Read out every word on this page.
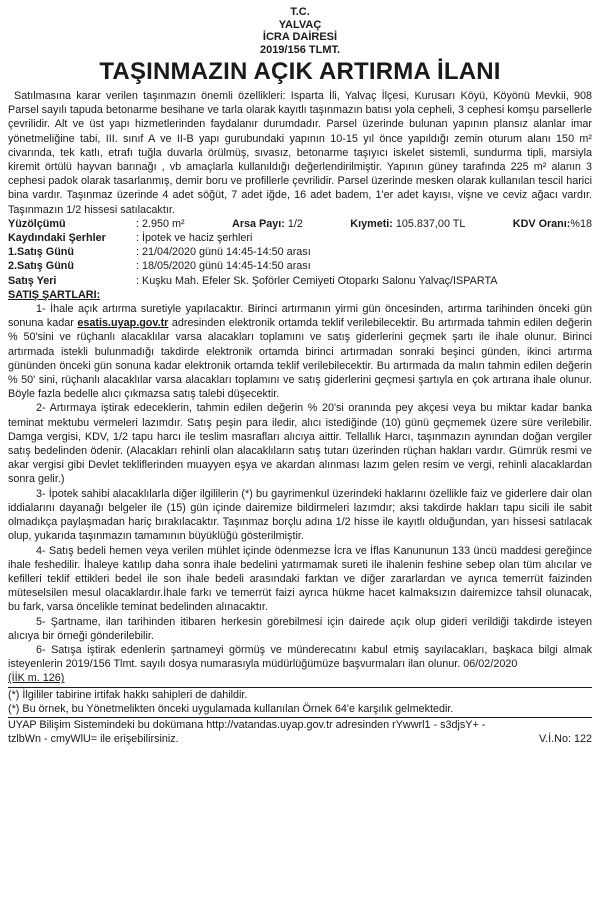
T.C.
YALVAÇ
İCRA DAİRESİ
2019/156 TLMT.
TAŞINMAZIN AÇIK ARTIRMA İLANI

Satılmasına karar verilen taşınmazın önemli özellikleri: Isparta İli, Yalvaç İlçesi, Kurusarı Köyü, Köyönü Mevkii, 908 Parsel sayılı tapuda betonarme besihane ve tarla olarak kayıtlı taşınmazın batısı yola cepheli, 3 cephesi komşu parsellerle çevrilidir. Alt ve üst yapı hizmetlerinden faydalanır durumdadır. Parsel üzerinde bulunan yapının plansız alanlar imar yönetmeliğine tabi, III. sınıf A ve II-B yapı gurubundaki yapının 10-15 yıl önce yapıldığı zemin oturum alanı 150 m² civarında, tek katlı, etrafı tuğla duvarla örülmüş, sıvasız, betonarme taşıyıcı iskelet sistemli, sundurma tipli, marsiyla kiremit örtülü hayvan barınağı , vb amaçlarla kullanıldığı değerlendirilmiştir. Yapının güney tarafında 225 m² alanın 3 cephesi padok olarak tasarlanmış, demir boru ve profillerle çevrilidir. Parsel üzerinde mesken olarak kullanılan tescil harici bina vardır. Taşınmaz üzerinde 4 adet söğüt, 7 adet iğde, 16 adet badem, 1'er adet kayısı, vişne ve ceviz ağacı vardır. Taşınmazın 1/2 hissesi satılacaktır.

Yüzölçümü	: 2.950 m²	Arsa Payı: 1/2	Kıymeti: 105.837,00 TL	KDV Oranı:%18
Kaydındaki Şerhler	: İpotek ve haciz şerhleri
1.Satış Günü	: 21/04/2020 günü 14:45-14:50 arası
2.Satış Günü	: 18/05/2020 günü 14:45-14:50 arası
Satış Yeri	: Kuşku Mah. Efeler Sk. Şoförler Cemiyeti Otoparkı Salonu Yalvaç/ISPARTA
SATIŞ ŞARTLARI:

1- İhale açık artırma suretiyle yapılacaktır. Birinci artırmanın yirmi gün öncesinden, artırma tarihinden önceki gün sonuna kadar esatis.uyap.gov.tr adresinden elektronik ortamda teklif verilebilecektir. Bu artırmada tahmin edilen değerin % 50'sini ve rüçhanlı alacaklılar varsa alacakları toplamını ve satış giderlerini geçmek şartı ile ihale olunur. Birinci artırmada istekli bulunmadığı takdirde elektronik ortamda birinci artırmadan sonraki beşinci günden, ikinci artırma gününden önceki gün sonuna kadar elektronik ortamda teklif verilebilecektir. Bu artırmada da malın tahmin edilen değerin % 50' sini, rüçhanlı alacaklılar varsa alacakları toplamını ve satış giderlerini geçmesi şartıyla en çok artırana ihale olunur. Böyle fazla bedelle alıcı çıkmazsa satış talebi düşecektir.

2- Artırmaya iştirak edeceklerin, tahmin edilen değerin % 20'si oranında pey akçesi veya bu miktar kadar banka teminat mektubu vermeleri lazımdır. Satış peşin para iledir, alıcı istediğinde (10) günü geçmemek üzere süre verilebilir. Damga vergisi, KDV, 1/2 tapu harcı ile teslim masrafları alıcıya aittir. Tellallık Harcı, taşınmazın aynından doğan vergiler satış bedelinden ödenir. (Alacakları rehinli olan alacaklıların satış tutarı üzerinden rüçhan hakları vardır. Gümrük resmi ve akar vergisi gibi Devlet tekliflerinden muayyen eşya ve akardan alınması lazım gelen resim ve vergi, rehinli alacaklardan sonra gelir.)

3- İpotek sahibi alacaklılarla diğer ilgililerin (*) bu gayrimenkul üzerindeki haklarını özellikle faiz ve giderlere dair olan iddialarını dayanağı belgeler ile (15) gün içinde dairemize bildirmeleri lazımdır; aksi takdirde hakları tapu sicili ile sabit olmadıkça paylaşmadan hariç bırakılacaktır. Taşınmaz borçlu adına 1/2 hisse ile kayıtlı olduğundan, yarı hissesi satılacak olup, yukarıda taşınmazın tamamının büyüklüğü gösterilmiştir.

4- Satış bedeli hemen veya verilen mühlet içinde ödenmezse İcra ve İflas Kanununun 133 üncü maddesi gereğince ihale feshedilir. İhaleye katılıp daha sonra ihale bedelini yatırmamak sureti ile ihalenin feshine sebep olan tüm alıcılar ve kefilleri teklif ettikleri bedel ile son ihale bedeli arasındaki farktan ve diğer zararlardan ve ayrıca temerrüt faizinden müteselsilen mesul olacaklardır.İhale farkı ve temerrüt faizi ayrıca hükme hacet kalmaksızın dairemizce tahsil olunacak, bu fark, varsa öncelikle teminat bedelinden alınacaktır.

5- Şartname, ilan tarihinden itibaren herkesin görebilmesi için dairede açık olup gideri verildiği takdirde isteyen alıcıya bir örneği gönderilebilir.

6- Satışa iştirak edenlerin şartnameyi görmüş ve münderecatını kabul etmiş sayılacakları, başkaca bilgi almak isteyenlerin 2019/156 Tlmt. sayılı dosya numarasıyla müdürlüğümüze başvurmaları ilan olunur. 06/02/2020

(İİK m. 126)
(*) İlgililer tabirine irtifak hakkı sahipleri de dahildir.
(*) Bu örnek, bu Yönetmelikten önceki uygulamada kullanılan Örnek 64'e karşılık gelmektedir.
UYAP Bilişim Sistemindeki bu dokümana http://vatandas.uyap.gov.tr adresinden rYwwrl1 - s3djsY+ -
tzlbWn - cmyWlU= ile erişebilirsiniz.	V.İ.No: 122
